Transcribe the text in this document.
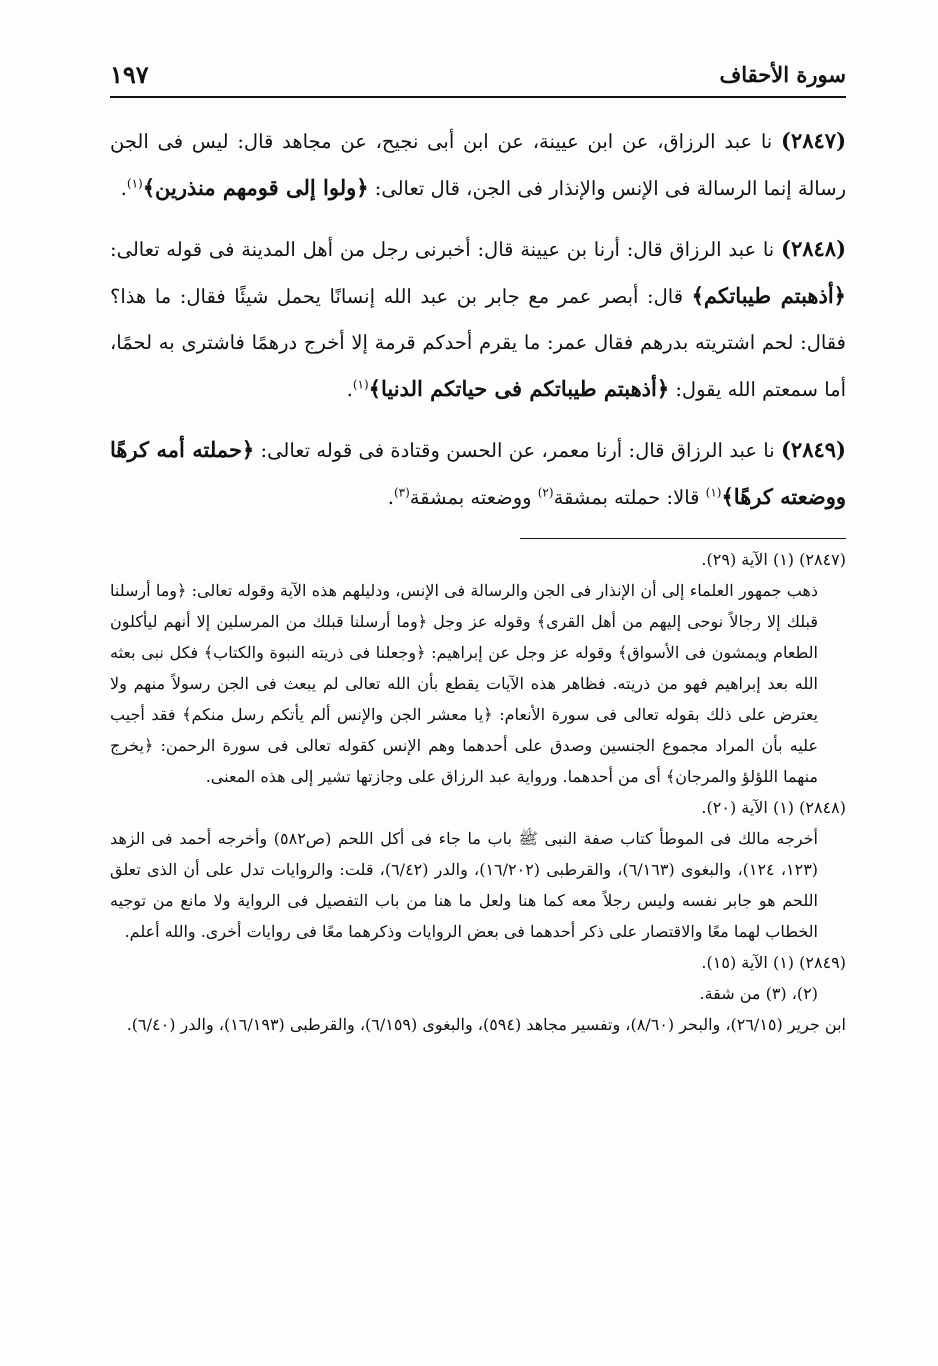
سورة الأحقاف
١٩٧

(٢٨٤٧) نا عبد الرزاق، عن ابن عيينة، عن ابن أبى نجيح، عن مجاهد قال: ليس فى الجن رسالة إنما الرسالة فى الإنس والإنذار فى الجن، قال تعالى: ﴿ولوا إلى قومهم منذرين﴾$^{(١)}$.

(٢٨٤٨) نا عبد الرزاق قال: أرنا بن عيينة قال: أخبرنى رجل من أهل المدينة فى قوله تعالى: ﴿أذهبتم طيباتكم﴾ قال: أبصر عمر مع جابر بن عبد الله إنسانًا يحمل شيئًا فقال: ما هذا؟ فقال: لحم اشتريته بدرهم فقال عمر: ما يقرم أحدكم قرمة إلا أخرج درهمًا فاشترى به لحمًا، أما سمعتم الله يقول: ﴿أذهبتم طيباتكم فى حياتكم الدنيا﴾$^{(١)}$.

(٢٨٤٩) نا عبد الرزاق قال: أرنا معمر، عن الحسن وقتادة فى قوله تعالى: ﴿حملته أمه كرهًا ووضعته كرهًا﴾$^{(١)}$ قالا: حملته بمشقة$^{(٢)}$ ووضعته بمشقة$^{(٣)}$.

(٢٨٤٧) (١) الآية (٢٩).

ذهب جمهور العلماء إلى أن الإنذار فى الجن والرسالة فى الإنس، ودليلهم هذه الآية وقوله تعالى: ﴿وما أرسلنا قبلك إلا رجالاً نوحى إليهم من أهل القرى﴾ وقوله عز وجل ﴿وما أرسلنا قبلك من المرسلين إلا أنهم ليأكلون الطعام ويمشون فى الأسواق﴾ وقوله عز وجل عن إبراهيم: ﴿وجعلنا فى ذريته النبوة والكتاب﴾ فكل نبى بعثه الله بعد إبراهيم فهو من ذريته. فظاهر هذه الآيات يقطع بأن الله تعالى لم يبعث فى الجن رسولاً منهم ولا يعترض على ذلك بقوله تعالى فى سورة الأنعام: ﴿يا معشر الجن والإنس ألم يأتكم رسل منكم﴾ فقد أجيب عليه بأن المراد مجموع الجنسين وصدق على أحدهما وهم الإنس كقوله تعالى فى سورة الرحمن: ﴿يخرج منهما اللؤلؤ والمرجان﴾ أى من أحدهما. ورواية عبد الرزاق على وجازتها تشير إلى هذه المعنى.

(٢٨٤٨) (١) الآية (٢٠).

أخرجه مالك فى الموطأ كتاب صفة النبى ﷺ باب ما جاء فى أكل اللحم (ص٥٨٢) وأخرجه أحمد فى الزهد (١٢٣، ١٢٤)، والبغوى (٦/١٦٣)، والقرطبى (١٦/٢٠٢)، والدر (٦/٤٢)، قلت: والروايات تدل على أن الذى تعلق اللحم هو جابر نفسه وليس رجلاً معه كما هنا ولعل ما هنا من باب التفصيل فى الرواية ولا مانع من توجيه الخطاب لهما معًا والاقتصار على ذكر أحدهما فى بعض الروايات وذكرهما معًا فى روايات أخرى. والله أعلم.

(٢٨٤٩) (١) الآية (١٥).

(٢)، (٣) من شقة.

ابن جرير (٢٦/١٥)، والبحر (٨/٦٠)، وتفسير مجاهد (٥٩٤)، والبغوى (٦/١٥٩)، والقرطبى (١٦/١٩٣)، والدر (٦/٤٠).
